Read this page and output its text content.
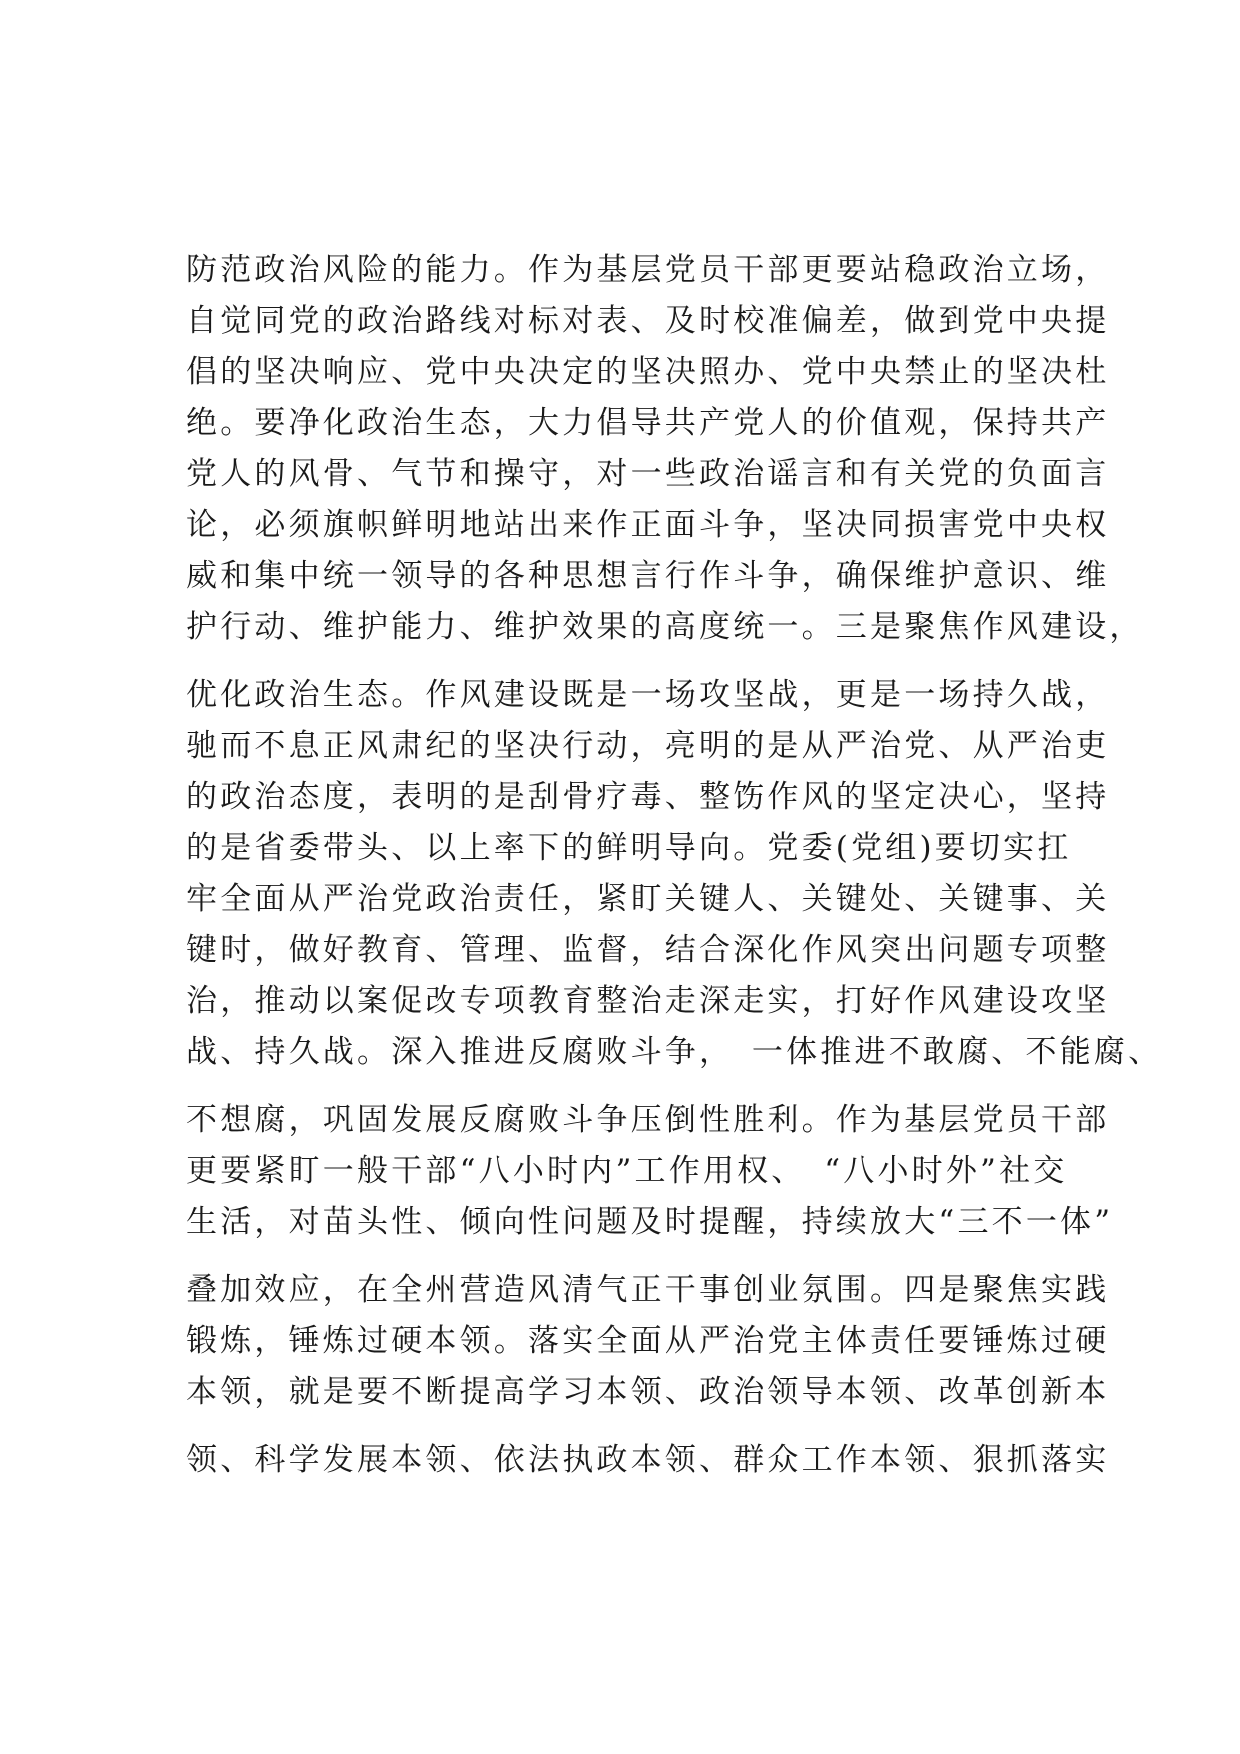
防范政治风险的能力。作为基层党员干部更要站稳政治立场，
自觉同党的政治路线对标对表、及时校准偏差，做到党中央提
倡的坚决响应、党中央决定的坚决照办、党中央禁止的坚决杜
绝。要净化政治生态，大力倡导共产党人的价值观，保持共产
党人的风骨、气节和操守，对一些政治谣言和有关党的负面言
论，必须旗帜鲜明地站出来作正面斗争，坚决同损害党中央权
威和集中统一领导的各种思想言行作斗争，确保维护意识、维
护行动、维护能力、维护效果的高度统一。三是聚焦作风建设，
优化政治生态。作风建设既是一场攻坚战，更是一场持久战，
驰而不息正风肃纪的坚决行动，亮明的是从严治党、从严治吏
的政治态度，表明的是刮骨疗毒、整饬作风的坚定决心，坚持
的是省委带头、以上率下的鲜明导向。党委(党组)要切实扛
牢全面从严治党政治责任，紧盯关键人、关键处、关键事、关
键时，做好教育、管理、监督，结合深化作风突出问题专项整
治，推动以案促改专项教育整治走深走实，打好作风建设攻坚
战、持久战。深入推进反腐败斗争，　一体推进不敢腐、不能腐、
不想腐，巩固发展反腐败斗争压倒性胜利。作为基层党员干部
更要紧盯一般干部“八小时内”工作用权、　“八小时外”社交
生活，对苗头性、倾向性问题及时提醒，持续放大“三不一体”
叠加效应，在全州营造风清气正干事创业氛围。四是聚焦实践
锻炼，锤炼过硬本领。落实全面从严治党主体责任要锤炼过硬
本领，就是要不断提高学习本领、政治领导本领、改革创新本
领、科学发展本领、依法执政本领、群众工作本领、狠抓落实
